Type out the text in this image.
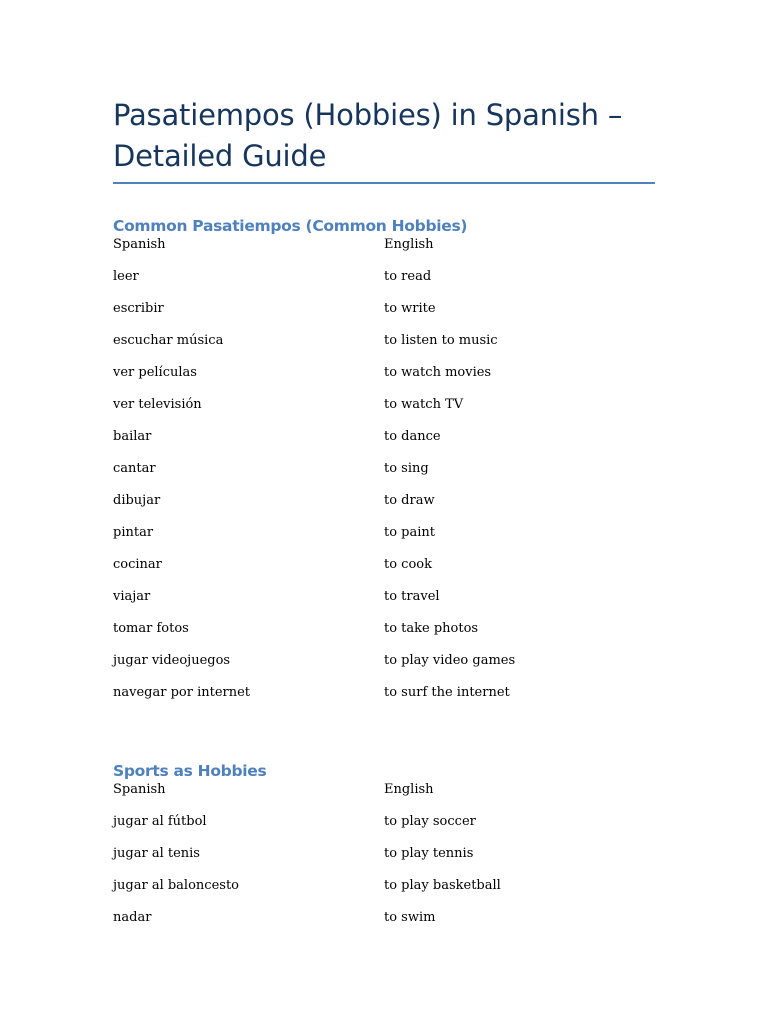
Pasatiempos (Hobbies) in Spanish – Detailed Guide
Common Pasatiempos (Common Hobbies)
Spanish	English
leer	to read
escribir	to write
escuchar música	to listen to music
ver películas	to watch movies
ver televisión	to watch TV
bailar	to dance
cantar	to sing
dibujar	to draw
pintar	to paint
cocinar	to cook
viajar	to travel
tomar fotos	to take photos
jugar videojuegos	to play video games
navegar por internet	to surf the internet
Sports as Hobbies
Spanish	English
jugar al fútbol	to play soccer
jugar al tenis	to play tennis
jugar al baloncesto	to play basketball
nadar	to swim
